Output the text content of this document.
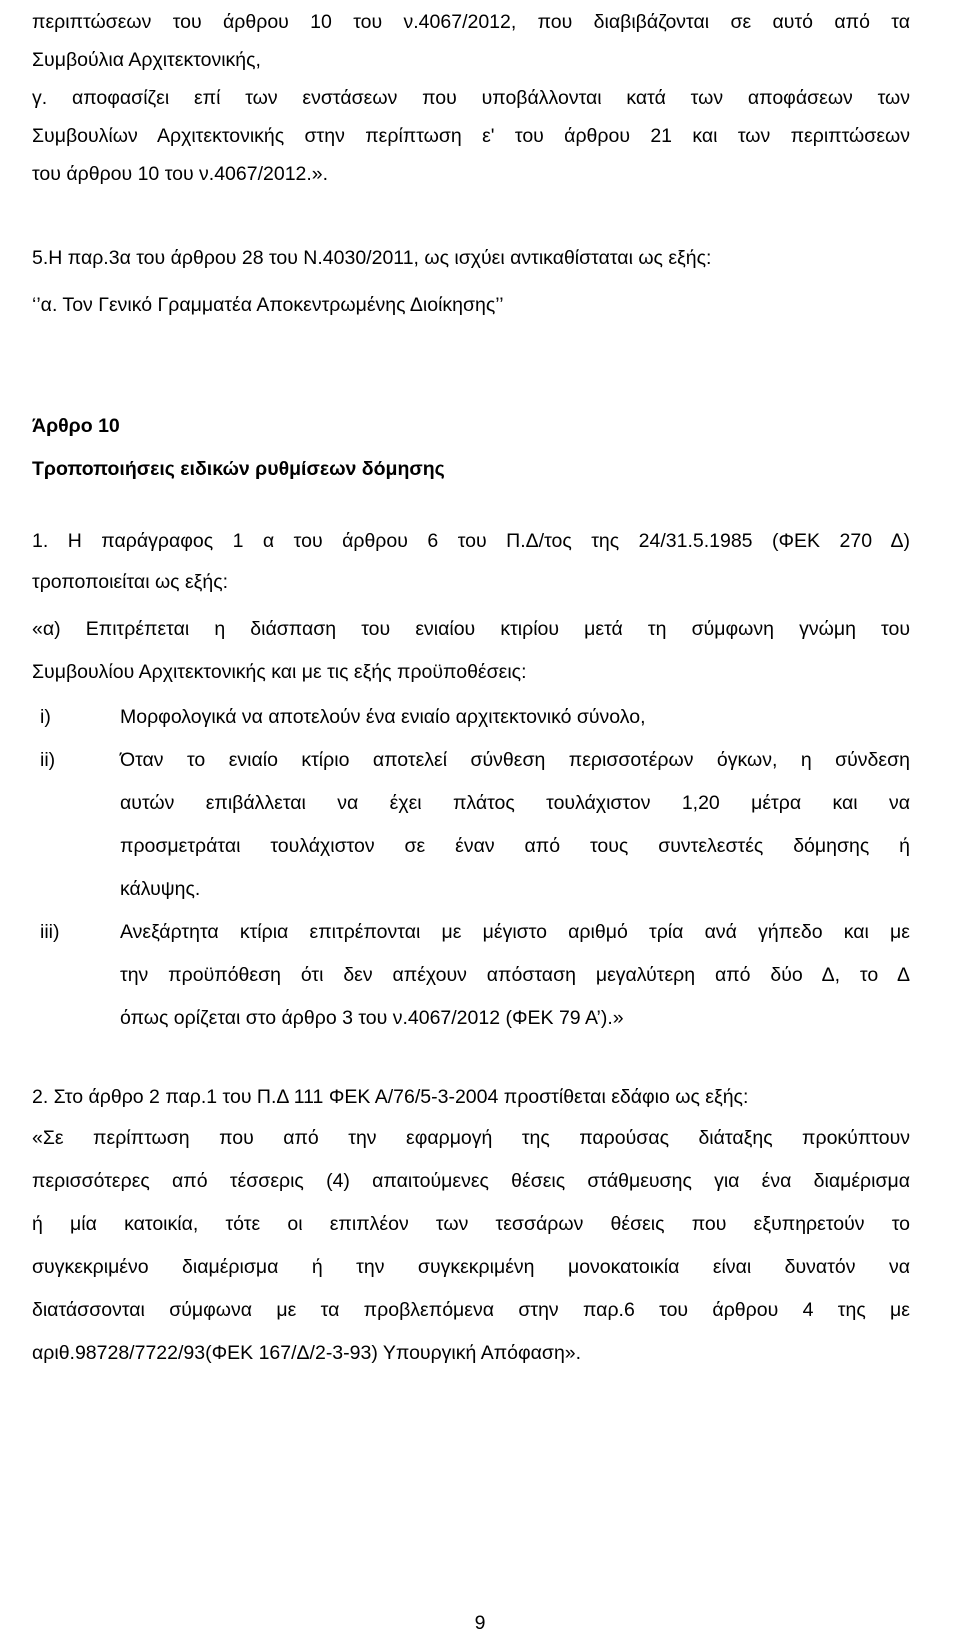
περιπτώσεων του άρθρου 10 του ν.4067/2012, που διαβιβάζονται σε αυτό από τα
Συμβούλια Αρχιτεκτονικής,
γ. αποφασίζει επί των ενστάσεων που υποβάλλονται κατά των αποφάσεων των
Συμβουλίων Αρχιτεκτονικής στην περίπτωση ε' του άρθρου 21 και των περιπτώσεων
του άρθρου 10 του ν.4067/2012.».
5.Η παρ.3α του άρθρου 28 του Ν.4030/2011, ως ισχύει αντικαθίσταται ως εξής:
‘’α. Τον Γενικό Γραμματέα Αποκεντρωμένης Διοίκησης’’
Άρθρο 10
Τροποποιήσεις ειδικών ρυθμίσεων δόμησης
1. Η παράγραφος 1 α του άρθρου 6 του Π.Δ/τος της 24/31.5.1985 (ΦΕΚ 270 Δ)
τροποποιείται ως εξής:
«α) Επιτρέπεται η διάσπαση του ενιαίου κτιρίου μετά τη σύμφωνη γνώμη του
Συμβουλίου Αρχιτεκτονικής και με τις εξής προϋποθέσεις:
i)	Μορφολογικά να αποτελούν ένα ενιαίο αρχιτεκτονικό σύνολο,
ii)	Όταν το ενιαίο κτίριο αποτελεί σύνθεση περισσοτέρων όγκων, η σύνδεση
αυτών επιβάλλεται να έχει πλάτος τουλάχιστον 1,20 μέτρα και να
προσμετράται τουλάχιστον σε έναν από τους συντελεστές δόμησης ή
κάλυψης.
iii)	Ανεξάρτητα κτίρια επιτρέπονται με μέγιστο αριθμό τρία ανά γήπεδο και με
την προϋπόθεση ότι δεν απέχουν απόσταση μεγαλύτερη από δύο Δ, το Δ
όπως ορίζεται στο άρθρο 3 του ν.4067/2012 (ΦΕΚ 79 Α’).»
2. Στο άρθρο 2 παρ.1 του Π.Δ 111 ΦΕΚ Α/76/5-3-2004 προστίθεται εδάφιο ως εξής:
«Σε περίπτωση που από την εφαρμογή της παρούσας διάταξης προκύπτουν
περισσότερες από τέσσερις (4) απαιτούμενες θέσεις στάθμευσης για ένα διαμέρισμα
ή μία κατοικία, τότε οι επιπλέον των τεσσάρων θέσεις που εξυπηρετούν το
συγκεκριμένο διαμέρισμα ή την συγκεκριμένη μονοκατοικία είναι δυνατόν να
διατάσσονται σύμφωνα με τα προβλεπόμενα στην παρ.6 του άρθρου 4 της με
αριθ.98728/7722/93(ΦΕΚ 167/Δ/2-3-93) Υπουργική Απόφαση».
9
